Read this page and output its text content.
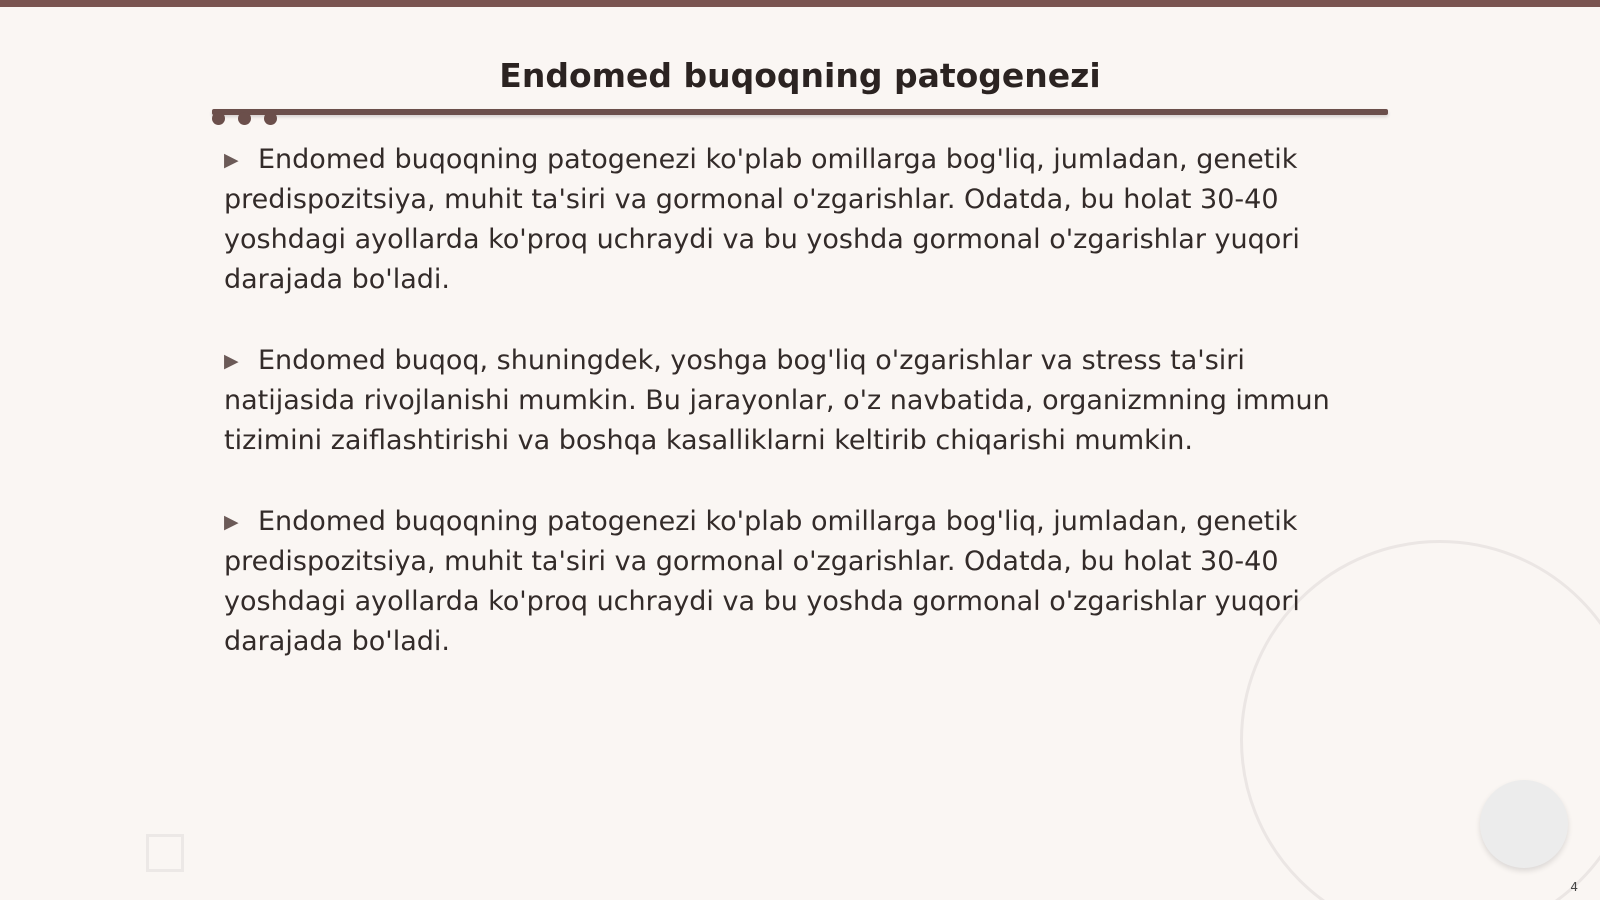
Endomed buqoqning patogenezi

▶ Endomed buqoqning patogenezi ko'plab omillarga bog'liq, jumladan, genetik predispozitsiya, muhit ta'siri va gormonal o'zgarishlar. Odatda, bu holat 30-40 yoshdagi ayollarda ko'proq uchraydi va bu yoshda gormonal o'zgarishlar yuqori darajada bo'ladi.

▶ Endomed buqoq, shuningdek, yoshga bog'liq o'zgarishlar va stress ta'siri natijasida rivojlanishi mumkin. Bu jarayonlar, o'z navbatida, organizmning immun tizimini zaiflashtirishi va boshqa kasalliklarni keltirib chiqarishi mumkin.

▶ Endomed buqoqning patogenezi ko'plab omillarga bog'liq, jumladan, genetik predispozitsiya, muhit ta'siri va gormonal o'zgarishlar. Odatda, bu holat 30-40 yoshdagi ayollarda ko'proq uchraydi va bu yoshda gormonal o'zgarishlar yuqori darajada bo'ladi.

4
